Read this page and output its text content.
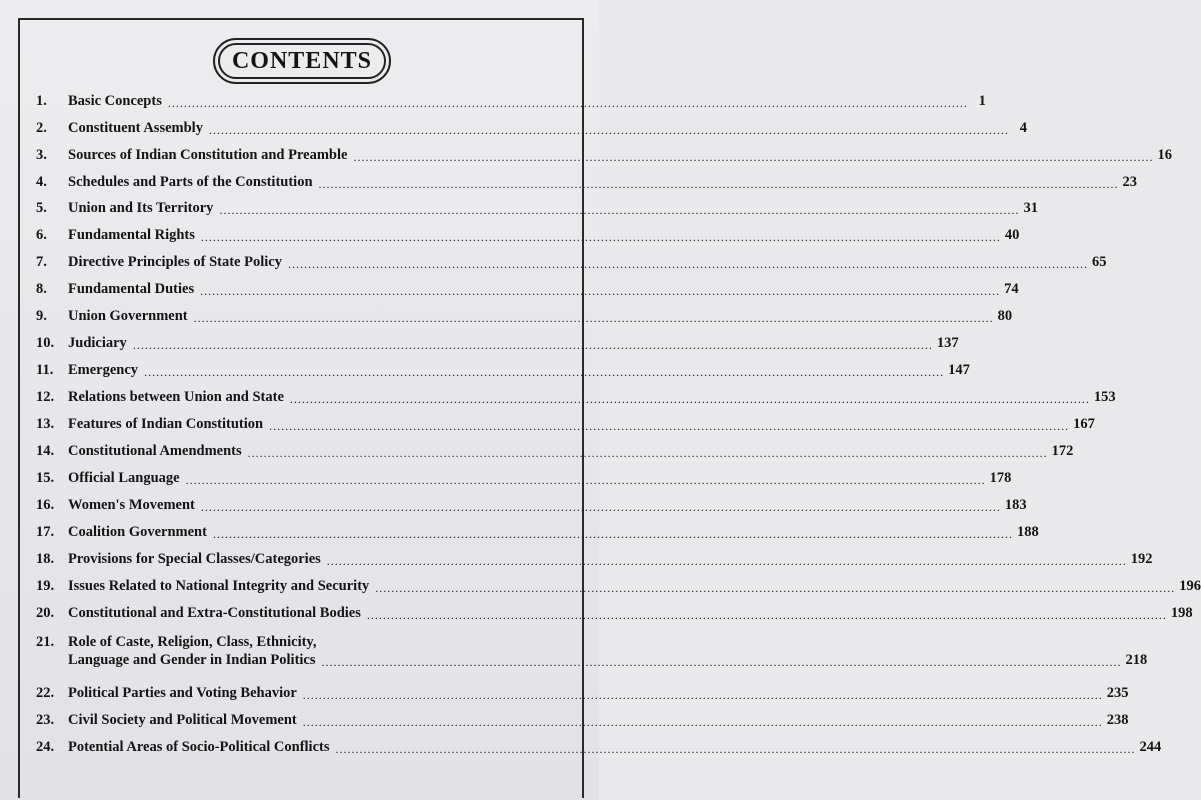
CONTENTS
1.	Basic Concepts .....	1
2.	Constituent Assembly .....	4
3.	Sources of Indian Constitution and Preamble .....	16
4.	Schedules and Parts of the Constitution .....	23
5.	Union and Its Territory .....	31
6.	Fundamental Rights .....	40
7.	Directive Principles of State Policy .....	65
8.	Fundamental Duties .....	74
9.	Union Government .....	80
10. Judiciary .....	137
11.	Emergency .....	147
12. Relations between Union and State .....	153
13. Features of Indian Constitution .....	167
14. Constitutional Amendments .....	172
15. Official Language .....	178
16. Women's Movement .....	183
17. Coalition Government .....	188
18. Provisions for Special Classes/Categories .....	192
19. Issues Related to National Integrity and Security .....	196
20. Constitutional and Extra-Constitutional Bodies .....	198
21. Role of Caste, Religion, Class, Ethnicity,
Language and Gender in Indian Politics .....	218
22. Political Parties and Voting Behavior .....	235
23. Civil Society and Political Movement .....	238
24. Potential Areas of Socio-Political Conflicts .....	244
